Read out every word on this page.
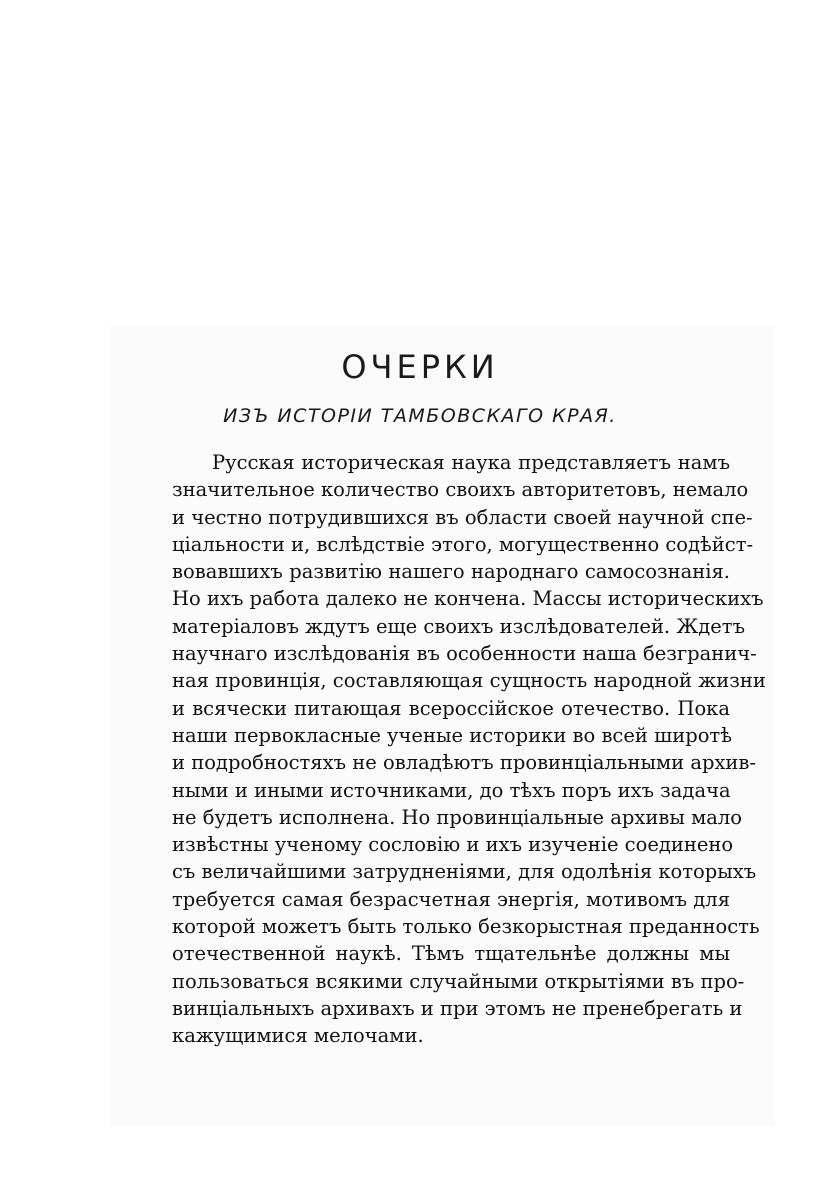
ОЧЕРКИ
ИЗЪ ИСТОРІИ ТАМБОВСКАГО КРАЯ.
Русская историческая наука представляетъ намъ
значительное количество своихъ авторитетовъ, немало
и честно потрудившихся въ области своей научной спе-
ціальности и, вслѣдствіе этого, могущественно содѣйст-
вовавшихъ развитію нашего народнаго самосознанія.
Но ихъ работа далеко не кончена. Массы историческихъ
матеріаловъ ждутъ еще своихъ изслѣдователей. Ждетъ
научнаго изслѣдованія въ особенности наша безгранич-
ная провинція, составляющая сущность народной жизни
и всячески питающая всероссійское отечество. Пока
наши первокласные ученые историки во всей широтѣ
и подробностяхъ не овладѣютъ провинціальными архив-
ными и иными источниками, до тѣхъ поръ ихъ задача
не будетъ исполнена. Но провинціальные архивы мало
извѣстны ученому сословію и ихъ изученіе соединено
съ величайшими затрудненіями, для одолѣнія которыхъ
требуется самая безрасчетная энергія, мотивомъ для
которой можетъ быть только безкорыстная преданность
отечественной наукѣ. Тѣмъ тщательнѣе должны мы
пользоваться всякими случайными открытіями въ про-
винціальныхъ архивахъ и при этомъ не пренебрегать и
кажущимися мелочами.
